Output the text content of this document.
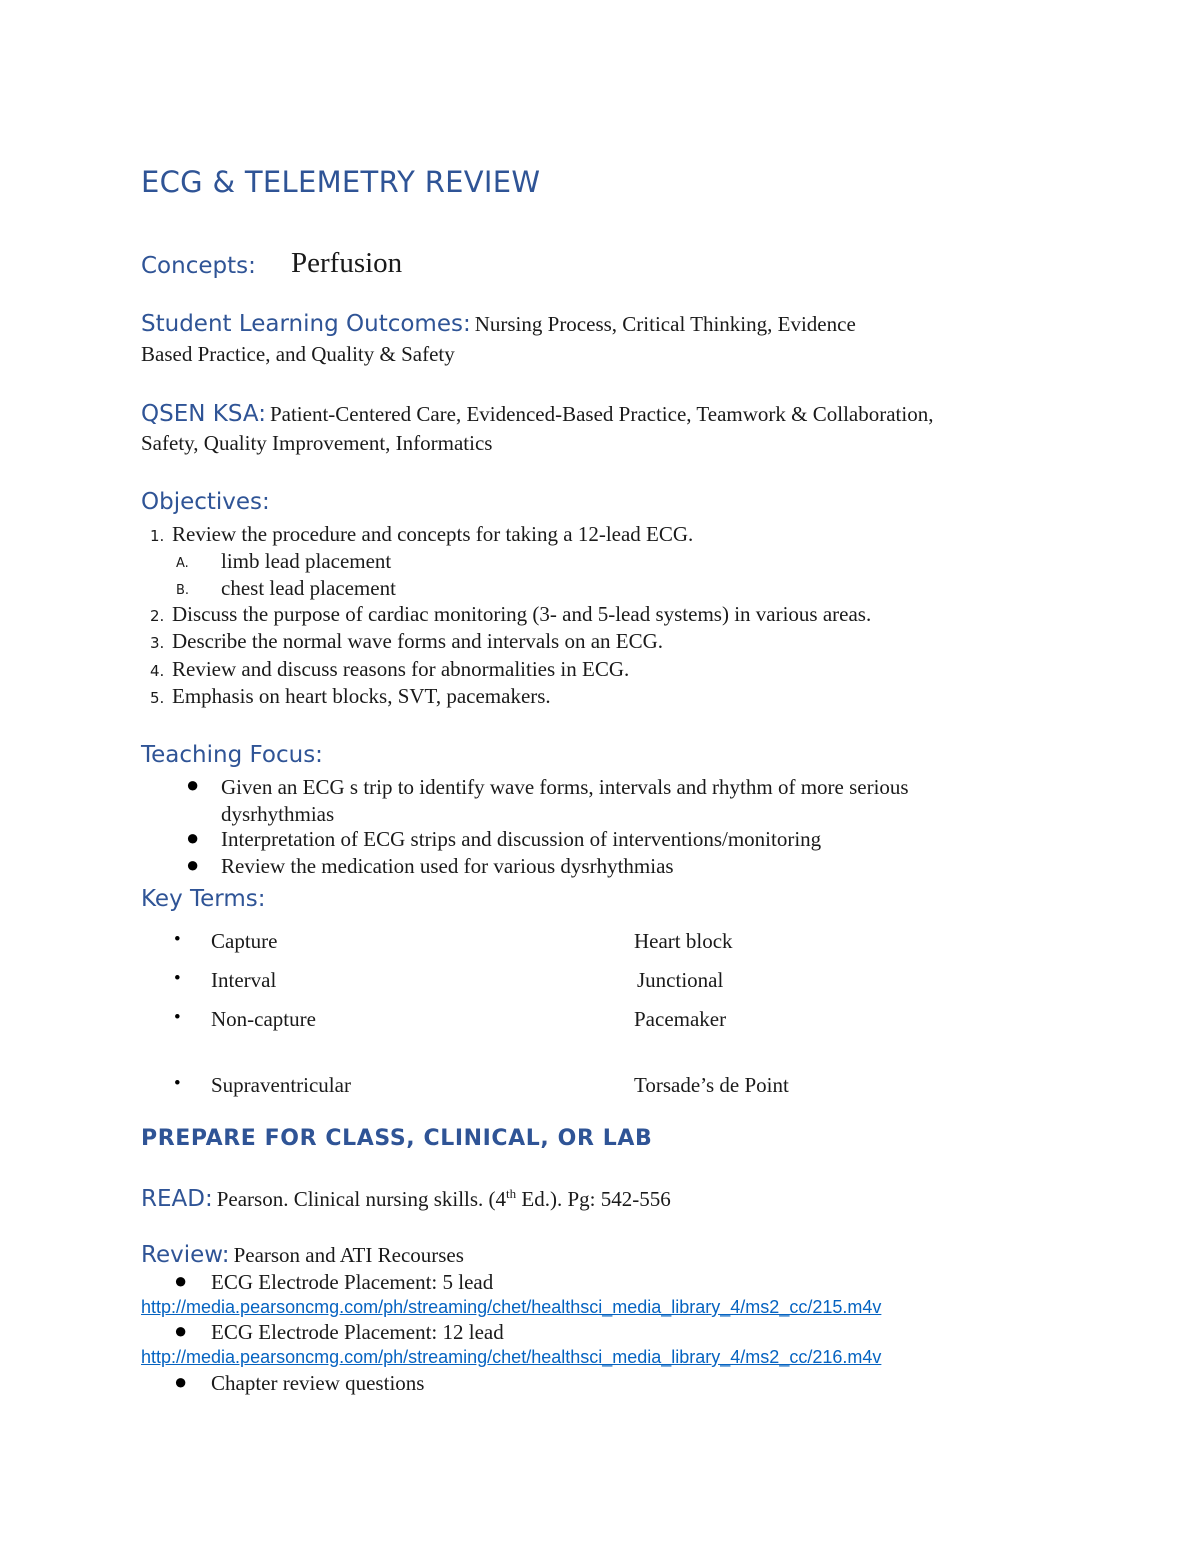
ECG & TELEMETRY REVIEW
Concepts: Perfusion
Student Learning Outcomes: Nursing Process, Critical Thinking, Evidence
Based Practice, and Quality & Safety
QSEN KSA: Patient-Centered Care, Evidenced-Based Practice, Teamwork & Collaboration,
Safety, Quality Improvement, Informatics
Objectives:
1. Review the procedure and concepts for taking a 12-lead ECG.
A. limb lead placement
B. chest lead placement
2. Discuss the purpose of cardiac monitoring (3- and 5-lead systems) in various areas.
3. Describe the normal wave forms and intervals on an ECG.
4. Review and discuss reasons for abnormalities in ECG.
5. Emphasis on heart blocks, SVT, pacemakers.
Teaching Focus:
● Given an ECG s trip to identify wave forms, intervals and rhythm of more serious
dysrhythmias
● Interpretation of ECG strips and discussion of interventions/monitoring
● Review the medication used for various dysrhythmias
Key Terms:
• Capture	Heart block
• Interval	Junctional
• Non-capture	Pacemaker
• Supraventricular	Torsade’s de Point
PREPARE FOR CLASS, CLINICAL, OR LAB
READ: Pearson. Clinical nursing skills. (4th Ed.). Pg: 542-556
Review: Pearson and ATI Recourses
● ECG Electrode Placement: 5 lead
http://media.pearsoncmg.com/ph/streaming/chet/healthsci_media_library_4/ms2_cc/215.m4v
● ECG Electrode Placement: 12 lead
http://media.pearsoncmg.com/ph/streaming/chet/healthsci_media_library_4/ms2_cc/216.m4v
● Chapter review questions
